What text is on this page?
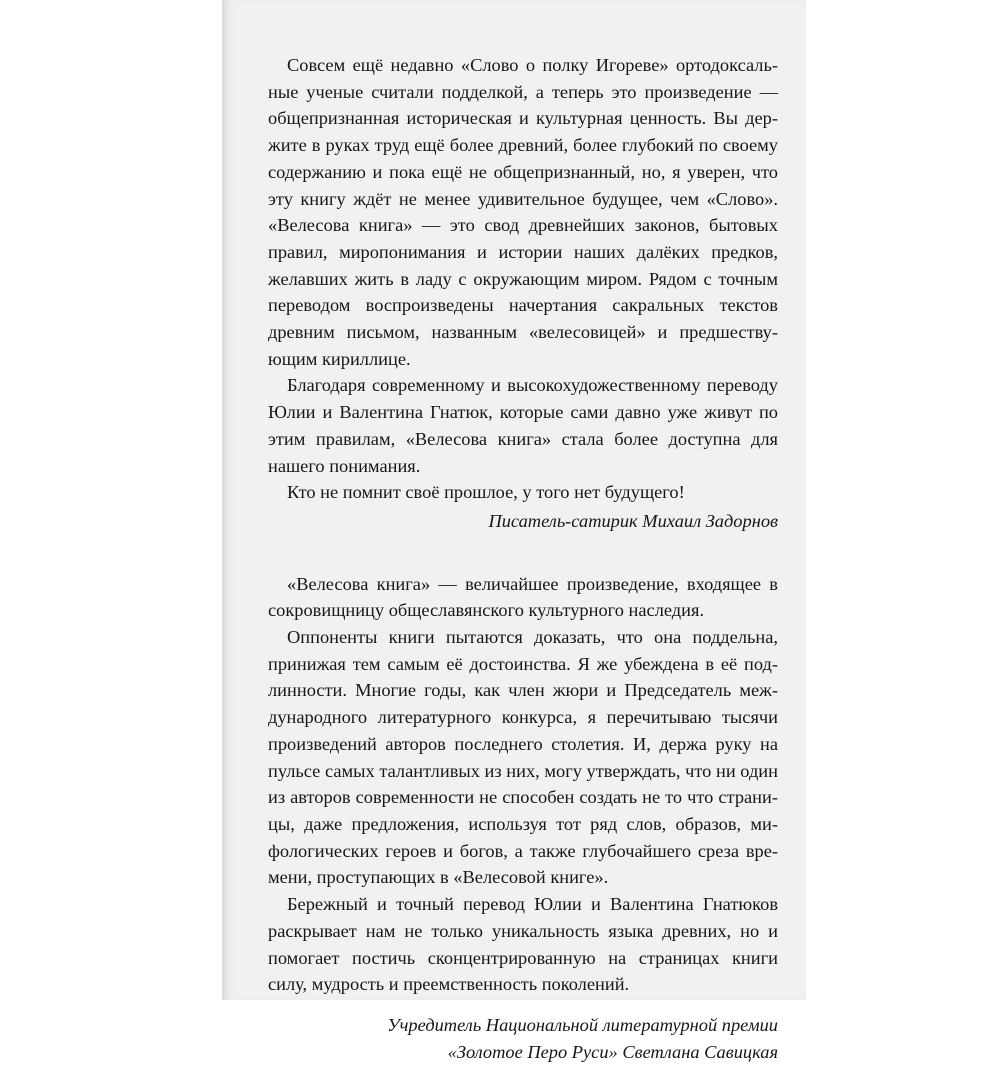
Совсем ещё недавно «Слово о полку Игореве» ортодоксальные ученые считали подделкой, а теперь это произведение — общепризнанная историческая и культурная ценность. Вы держите в руках труд ещё более древний, более глубокий по своему содержанию и пока ещё не общепризнанный, но, я уверен, что эту книгу ждёт не менее удивительное будущее, чем «Слово». «Велесова книга» — это свод древнейших законов, бытовых правил, миропонимания и истории наших далёких предков, желавших жить в ладу с окружающим миром. Рядом с точным переводом воспроизведены начертания сакральных текстов древним письмом, названным «велесовицей» и предшествующим кириллице.

Благодаря современному и высокохудожественному переводу Юлии и Валентина Гнатюк, которые сами давно уже живут по этим правилам, «Велесова книга» стала более доступна для нашего понимания.

Кто не помнит своё прошлое, у того нет будущего!

Писатель-сатирик Михаил Задорнов

«Велесова книга» — величайшее произведение, входящее в сокровищницу общеславянского культурного наследия.

Оппоненты книги пытаются доказать, что она поддельна, принижая тем самым её достоинства. Я же убеждена в её подлинности. Многие годы, как член жюри и Председатель международного литературного конкурса, я перечитываю тысячи произведений авторов последнего столетия. И, держа руку на пульсе самых талантливых из них, могу утверждать, что ни один из авторов современности не способен создать не то что страницы, даже предложения, используя тот ряд слов, образов, мифологических героев и богов, а также глубочайшего среза времени, проступающих в «Велесовой книге».

Бережный и точный перевод Юлии и Валентина Гнатюков раскрывает нам не только уникальность языка древних, но и помогает постичь сконцентрированную на страницах книги силу, мудрость и преемственность поколений.

Учредитель Национальной литературной премии

«Золотое Перо Руси» Светлана Савицкая
